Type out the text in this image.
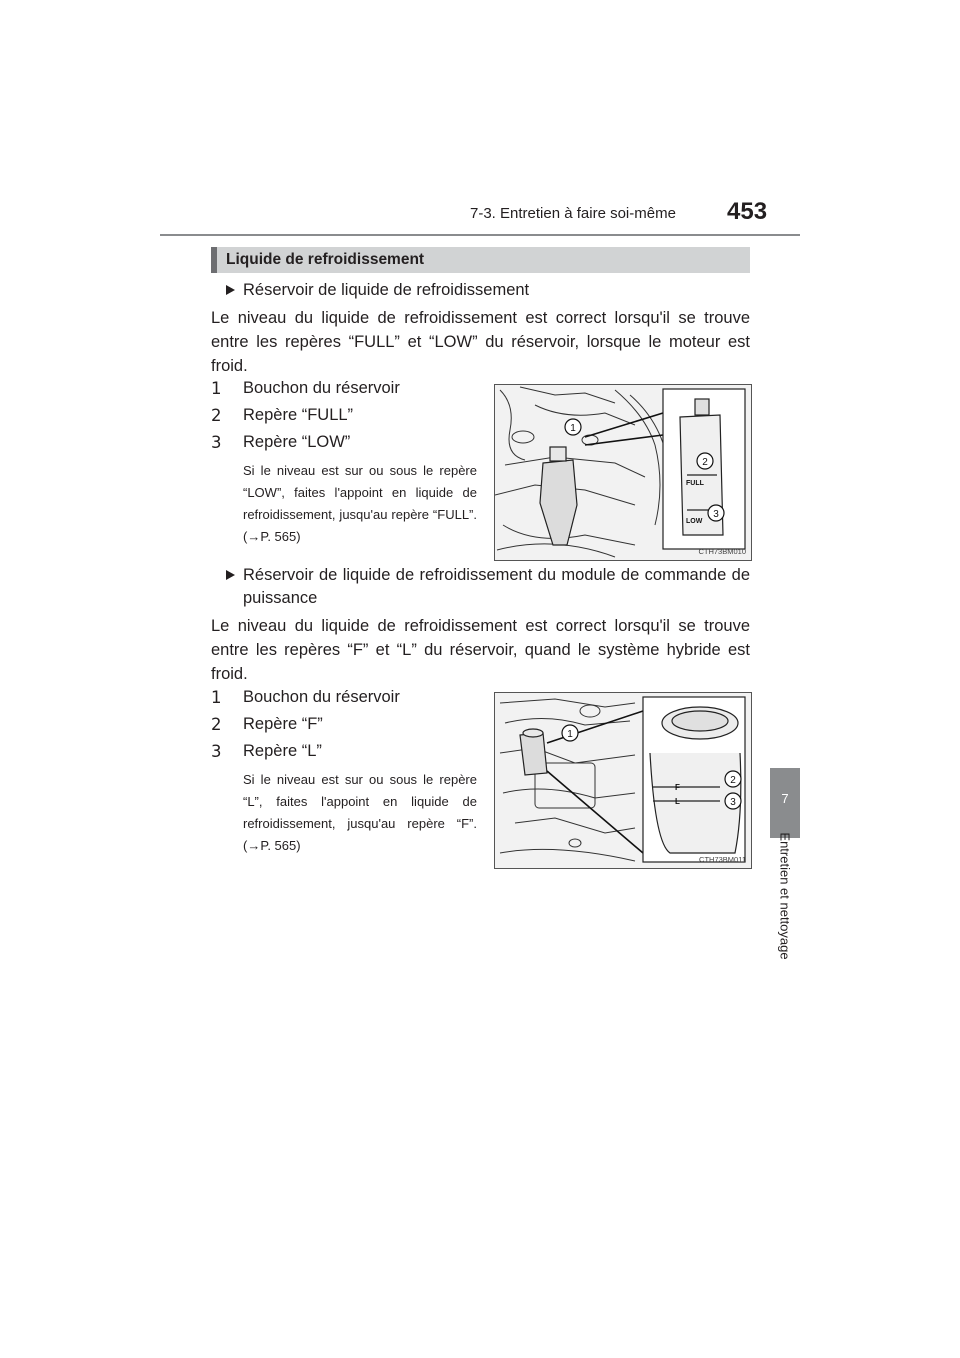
7-3. Entretien à faire soi-même 453
7
Entretien et nettoyage
Liquide de refroidissement
Réservoir de liquide de refroidissement
Le niveau du liquide de refroidissement est correct lorsqu'il se trouve entre les repères “FULL” et “LOW” du réservoir, lorsque le moteur est froid.
1	Bouchon du réservoir
2	Repère “FULL”
3	Repère “LOW”
Si le niveau est sur ou sous le repère “LOW”, faites l'appoint en liquide de refroidissement, jusqu'au repère “FULL”. (→P. 565)
FULL
LOW
1
2
3
CTH73BM010
Réservoir de liquide de refroidissement du module de commande de puissance
Le niveau du liquide de refroidissement est correct lorsqu'il se trouve entre les repères “F” et “L” du réservoir, quand le système hybride est froid.
1	Bouchon du réservoir
2	Repère “F”
3	Repère “L”
Si le niveau est sur ou sous le repère “L”, faites l'appoint en liquide de refroidissement, jusqu'au repère “F”. (→P. 565)
F
L
1
2
3
CTH73BM011
